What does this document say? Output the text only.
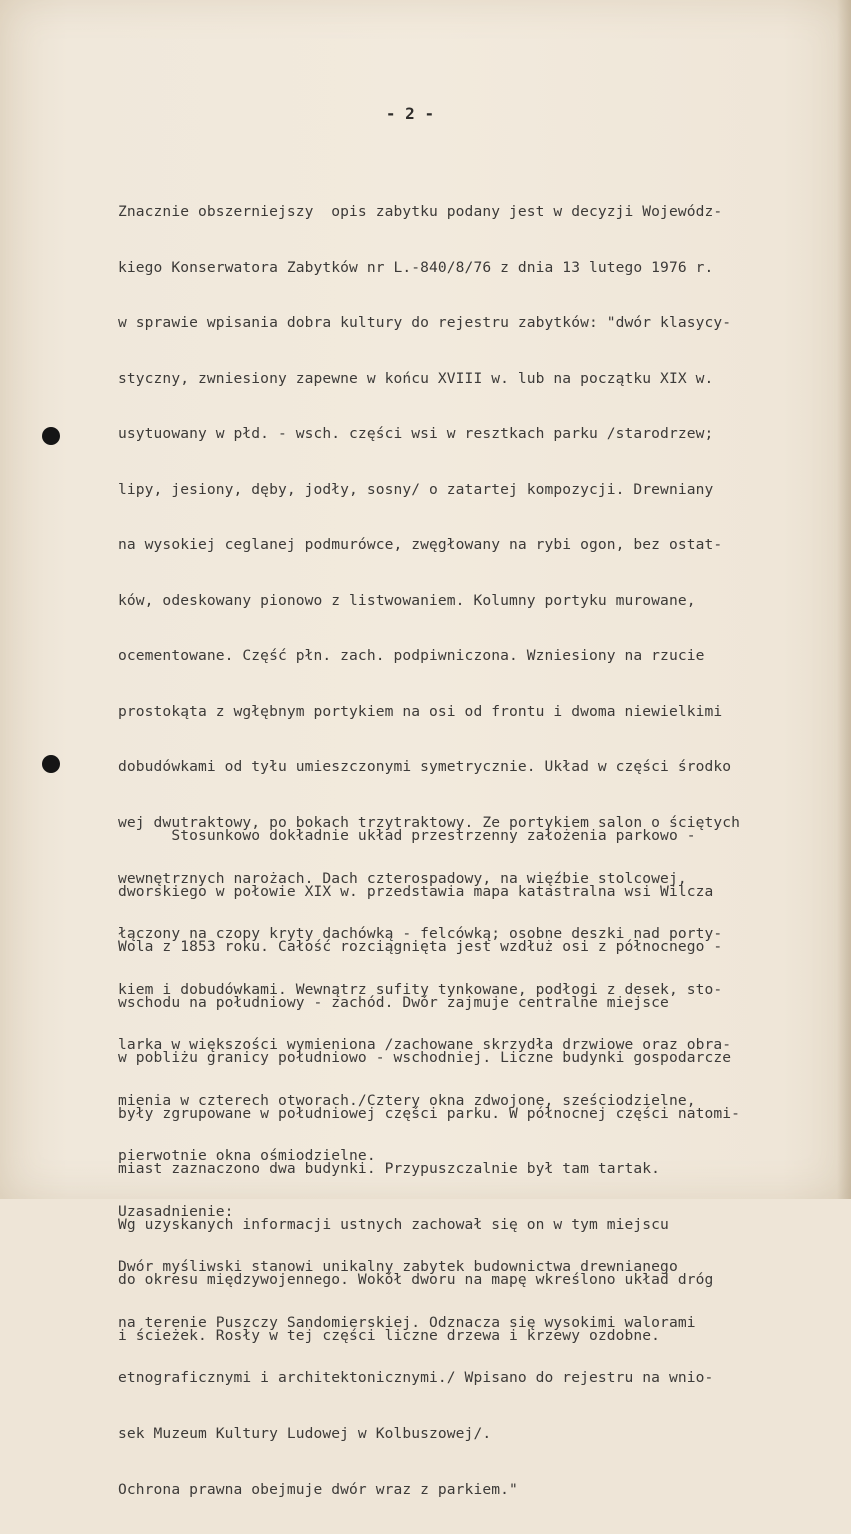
- 2 -

Znacznie obszerniejszy  opis zabytku podany jest w decyzji Wojewódz-

kiego Konserwatora Zabytków nr L.-840/8/76 z dnia 13 lutego 1976 r.

w sprawie wpisania dobra kultury do rejestru zabytków: "dwór klasycy-

styczny, zwniesiony zapewne w końcu XVIII w. lub na początku XIX w.

usytuowany w płd. - wsch. części wsi w resztkach parku /starodrzew;

lipy, jesiony, dęby, jodły, sosny/ o zatartej kompozycji. Drewniany

na wysokiej ceglanej podmurówce, zwęgłowany na rybi ogon, bez ostat-

ków, odeskowany pionowo z listwowaniem. Kolumny portyku murowane,

ocementowane. Część płn. zach. podpiwniczona. Wzniesiony na rzucie

prostokąta z wgłębnym portykiem na osi od frontu i dwoma niewielkimi

dobudówkami od tyłu umieszczonymi symetrycznie. Układ w części środko

wej dwutraktowy, po bokach trzytraktowy. Ze portykiem salon o ściętych

wewnętrznych narożach. Dach czterospadowy, na więźbie stolcowej,

łączony na czopy kryty dachówką - felcówką; osobne deszki nad porty-

kiem i dobudówkami. Wewnątrz sufity tynkowane, podłogi z desek, sto-

larka w większości wymieniona /zachowane skrzydła drzwiowe oraz obra-

mienia w czterech otworach./Cztery okna zdwojone, sześciodzielne,

pierwotnie okna ośmiodzielne.

Uzasadnienie:

Dwór myśliwski stanowi unikalny zabytek budownictwa drewnianego

na terenie Puszczy Sandomierskiej. Odznacza się wysokimi walorami

etnograficznymi i architektonicznymi./ Wpisano do rejestru na wnio-

sek Muzeum Kultury Ludowej w Kolbuszowej/.

Ochrona prawna obejmuje dwór wraz z parkiem."

Stosunkowo dokładnie układ przestrzenny założenia parkowo -

dworskiego w połowie XIX w. przedstawia mapa katastralna wsi Wilcza

Wola z 1853 roku. Całość rozciągnięta jest wzdłuż osi z północnego -

wschodu na południowy - zachód. Dwór zajmuje centralne miejsce

w pobliżu granicy południowo - wschodniej. Liczne budynki gospodarcze

były zgrupowane w południowej części parku. W północnej części natomi-

miast zaznaczono dwa budynki. Przypuszczalnie był tam tartak.

Wg uzyskanych informacji ustnych zachował się on w tym miejscu

do okresu międzywojennego. Wokół dworu na mapę wkreślono układ dróg

i ścieżek. Rosły w tej części liczne drzewa i krzewy ozdobne.
